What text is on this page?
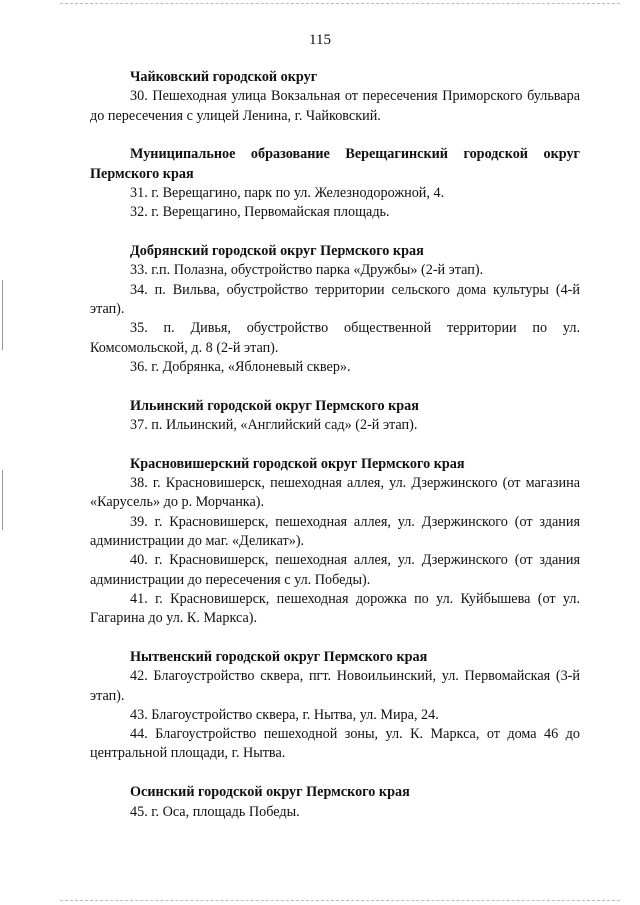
115
Чайковский городской округ
30. Пешеходная улица Вокзальная от пересечения Приморского бульвара до пересечения с улицей Ленина, г. Чайковский.
Муниципальное образование Верещагинский городской округ Пермского края
31. г. Верещагино, парк по ул. Железнодорожной, 4.
32. г. Верещагино, Первомайская площадь.
Добрянский городской округ Пермского края
33. г.п. Полазна, обустройство парка «Дружбы» (2-й этап).
34. п. Вильва, обустройство территории сельского дома культуры (4-й этап).
35. п. Дивья, обустройство общественной территории по ул. Комсомольской, д. 8 (2-й этап).
36. г. Добрянка, «Яблоневый сквер».
Ильинский городской округ Пермского края
37. п. Ильинский, «Английский сад» (2-й этап).
Красновишерский городской округ Пермского края
38. г. Красновишерск, пешеходная аллея, ул. Дзержинского (от магазина «Карусель» до р. Морчанка).
39. г. Красновишерск, пешеходная аллея, ул. Дзержинского (от здания администрации до маг. «Деликат»).
40. г. Красновишерск, пешеходная аллея, ул. Дзержинского (от здания администрации до пересечения с ул. Победы).
41. г. Красновишерск, пешеходная дорожка по ул. Куйбышева (от ул. Гагарина до ул. К. Маркса).
Нытвенский городской округ Пермского края
42. Благоустройство сквера, пгт. Новоильинский, ул. Первомайская (3-й этап).
43. Благоустройство сквера, г. Нытва, ул. Мира, 24.
44. Благоустройство пешеходной зоны, ул. К. Маркса, от дома 46 до центральной площади, г. Нытва.
Осинский городской округ Пермского края
45. г. Оса, площадь Победы.
